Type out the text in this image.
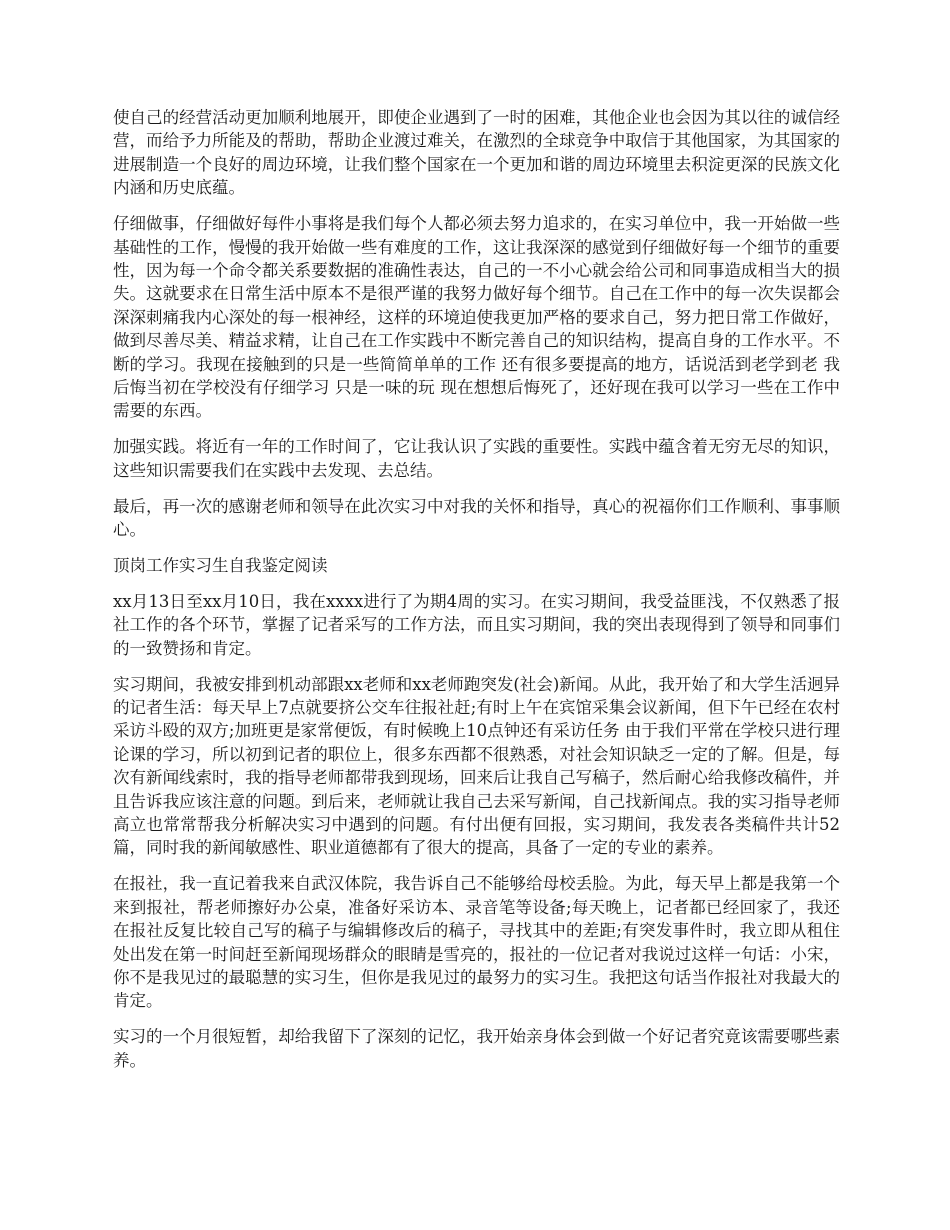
使自己的经营活动更加顺利地展开，即使企业遇到了一时的困难，其他企业也会因为其以往的诚信经营，而给予力所能及的帮助，帮助企业渡过难关，在激烈的全球竞争中取信于其他国家，为其国家的进展制造一个良好的周边环境，让我们整个国家在一个更加和谐的周边环境里去积淀更深的民族文化内涵和历史底蕴。

仔细做事，仔细做好每件小事将是我们每个人都必须去努力追求的，在实习单位中，我一开始做一些基础性的工作，慢慢的我开始做一些有难度的工作，这让我深深的感觉到仔细做好每一个细节的重要性，因为每一个命令都关系要数据的准确性表达，自己的一不小心就会给公司和同事造成相当大的损失。这就要求在日常生活中原本不是很严谨的我努力做好每个细节。自己在工作中的每一次失误都会深深刺痛我内心深处的每一根神经，这样的环境迫使我更加严格的要求自己，努力把日常工作做好，做到尽善尽美、精益求精，让自己在工作实践中不断完善自己的知识结构，提高自身的工作水平。不断的学习。我现在接触到的只是一些简简单单的工作 还有很多要提高的地方，话说活到老学到老 我后悔当初在学校没有仔细学习 只是一味的玩 现在想想后悔死了，还好现在我可以学习一些在工作中需要的东西。

加强实践。将近有一年的工作时间了，它让我认识了实践的重要性。实践中蕴含着无穷无尽的知识，这些知识需要我们在实践中去发现、去总结。

最后，再一次的感谢老师和领导在此次实习中对我的关怀和指导，真心的祝福你们工作顺利、事事顺心。

顶岗工作实习生自我鉴定阅读

xx月13日至xx月10日，我在xxxx进行了为期4周的实习。在实习期间，我受益匪浅，不仅熟悉了报社工作的各个环节，掌握了记者采写的工作方法，而且实习期间，我的突出表现得到了领导和同事们的一致赞扬和肯定。

实习期间，我被安排到机动部跟xx老师和xx老师跑突发(社会)新闻。从此，我开始了和大学生活迥异的记者生活：每天早上7点就要挤公交车往报社赶;有时上午在宾馆采集会议新闻，但下午已经在农村采访斗殴的双方;加班更是家常便饭，有时候晚上10点钟还有采访任务 由于我们平常在学校只进行理论课的学习，所以初到记者的职位上，很多东西都不很熟悉，对社会知识缺乏一定的了解。但是，每次有新闻线索时，我的指导老师都带我到现场，回来后让我自己写稿子，然后耐心给我修改稿件，并且告诉我应该注意的问题。到后来，老师就让我自己去采写新闻，自己找新闻点。我的实习指导老师高立也常常帮我分析解决实习中遇到的问题。有付出便有回报，实习期间，我发表各类稿件共计52篇，同时我的新闻敏感性、职业道德都有了很大的提高，具备了一定的专业的素养。

在报社，我一直记着我来自武汉体院，我告诉自己不能够给母校丢脸。为此，每天早上都是我第一个来到报社，帮老师擦好办公桌，准备好采访本、录音笔等设备;每天晚上，记者都已经回家了，我还在报社反复比较自己写的稿子与编辑修改后的稿子，寻找其中的差距;有突发事件时，我立即从租住处出发在第一时间赶至新闻现场群众的眼睛是雪亮的，报社的一位记者对我说过这样一句话：小宋，你不是我见过的最聪慧的实习生，但你是我见过的最努力的实习生。我把这句话当作报社对我最大的肯定。

实习的一个月很短暂，却给我留下了深刻的记忆，我开始亲身体会到做一个好记者究竟该需要哪些素养。
